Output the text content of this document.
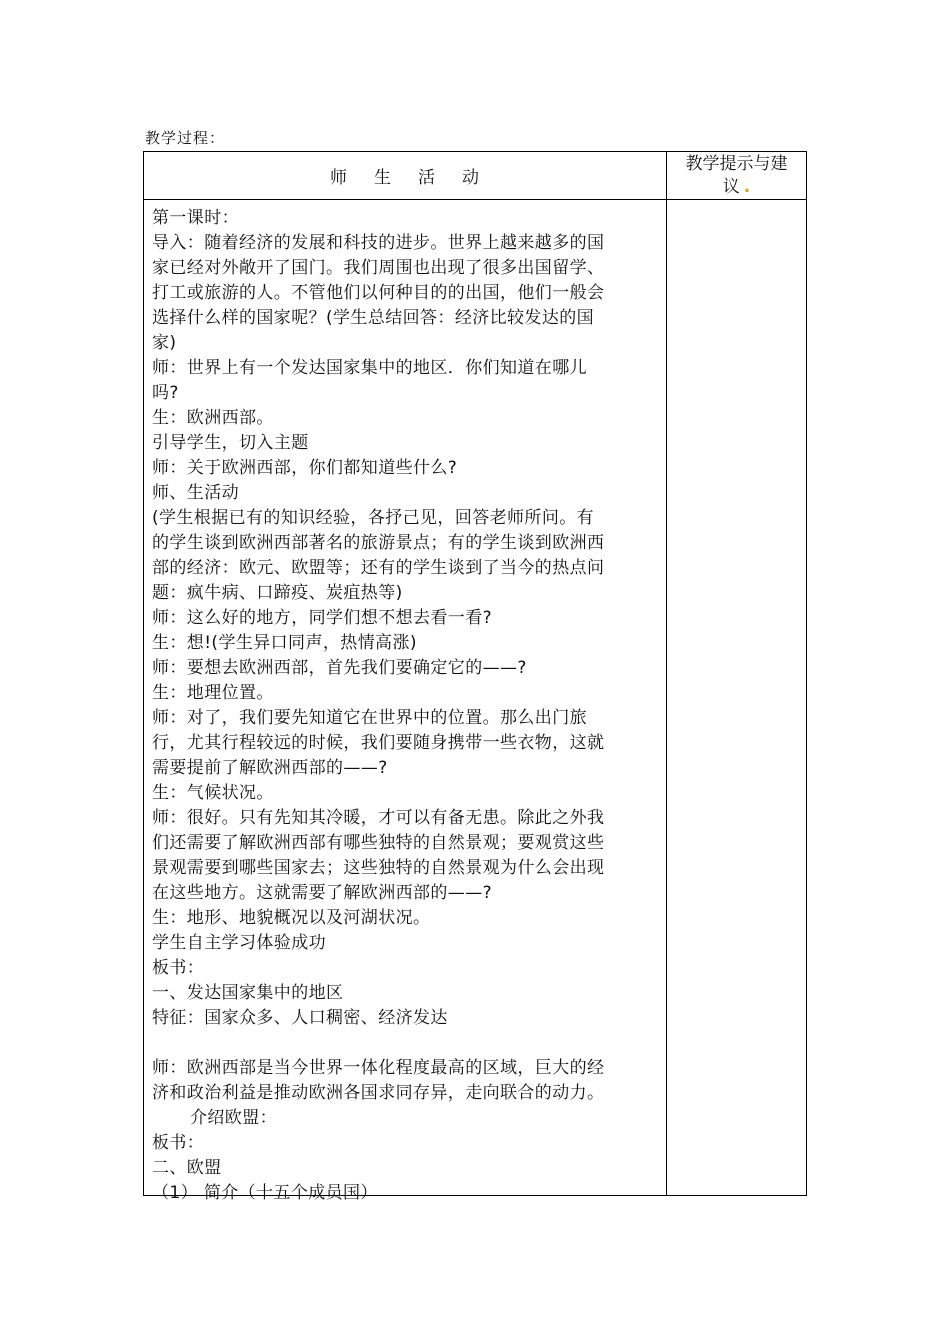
教学过程：
师 生 活 动
教学提示与建
议 .

第一课时：

导入：随着经济的发展和科技的进步。世界上越来越多的国

家已经对外敞开了国门。我们周围也出现了很多出国留学、

打工或旅游的人。不管他们以何种目的的出国，他们一般会

选择什么样的国家呢？(学生总结回答：经济比较发达的国

家)

师：世界上有一个发达国家集中的地区．你们知道在哪儿

吗?

生：欧洲西部。

引导学生，切入主题

师：关于欧洲西部，你们都知道些什么?

师、生活动

(学生根据已有的知识经验，各抒己见，回答老师所问。有

的学生谈到欧洲西部著名的旅游景点；有的学生谈到欧洲西

部的经济：欧元、欧盟等；还有的学生谈到了当今的热点问

题：疯牛病、口蹄疫、炭疽热等)

师：这么好的地方，同学们想不想去看一看?

生：想!(学生异口同声，热情高涨)

师：要想去欧洲西部，首先我们要确定它的——?

生：地理位置。

师：对了，我们要先知道它在世界中的位置。那么出门旅

行，尤其行程较远的时候，我们要随身携带一些衣物，这就

需要提前了解欧洲西部的——?

生：气候状况。

师：很好。只有先知其冷暖，才可以有备无患。除此之外我

们还需要了解欧洲西部有哪些独特的自然景观；要观赏这些

景观需要到哪些国家去；这些独特的自然景观为什么会出现

在这些地方。这就需要了解欧洲西部的——?

生：地形、地貌概况以及河湖状况。

学生自主学习体验成功

板书：

一、发达国家集中的地区

特征：国家众多、人口稠密、经济发达

师：欧洲西部是当今世界一体化程度最高的区域，巨大的经

济和政治利益是推动欧洲各国求同存异，走向联合的动力。

介绍欧盟：

板书：

二、欧盟

（1） 简介（十五个成员国）
